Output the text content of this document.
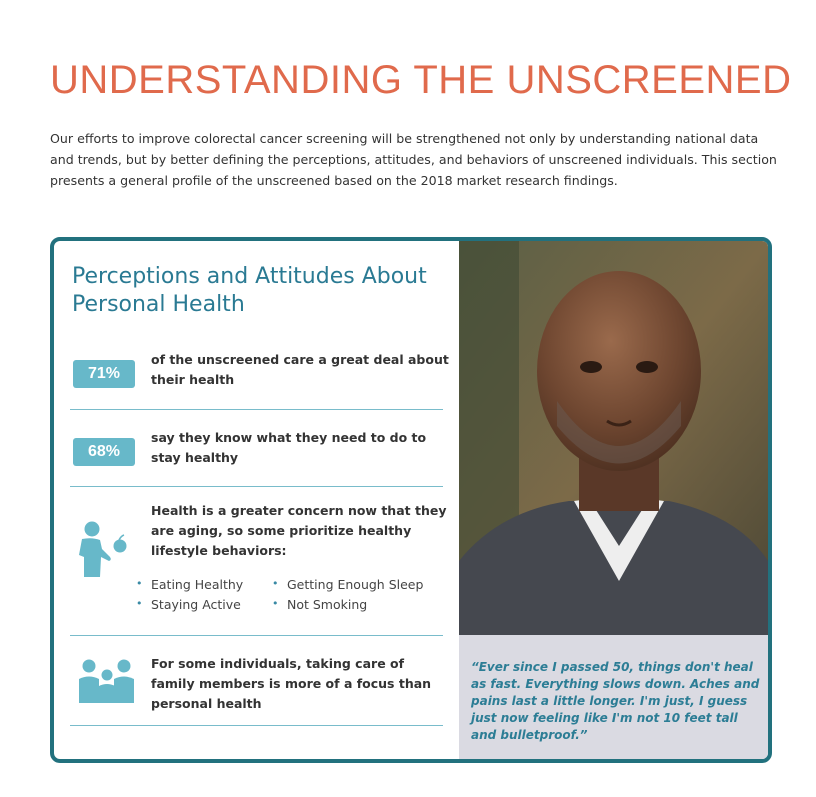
UNDERSTANDING THE UNSCREENED

Our efforts to improve colorectal cancer screening will be strengthened not only by understanding national data and trends, but by better defining the perceptions, attitudes, and behaviors of unscreened individuals. This section presents a general profile of the unscreened based on the 2018 market research findings.

Perceptions and Attitudes About Personal Health
71%

of the unscreened care a great deal about their health

68%

say they know what they need to do to stay healthy

Health is a greater concern now that they are aging, so some prioritize healthy lifestyle behaviors:

• Eating Healthy	• Getting Enough Sleep
• Staying Active	• Not Smoking

For some individuals, taking care of family members is more of a focus than personal health

“Ever since I passed 50, things don't heal as fast. Everything slows down. Aches and pains last a little longer. I'm just, I guess just now feeling like I'm not 10 feet tall and bulletproof.”
